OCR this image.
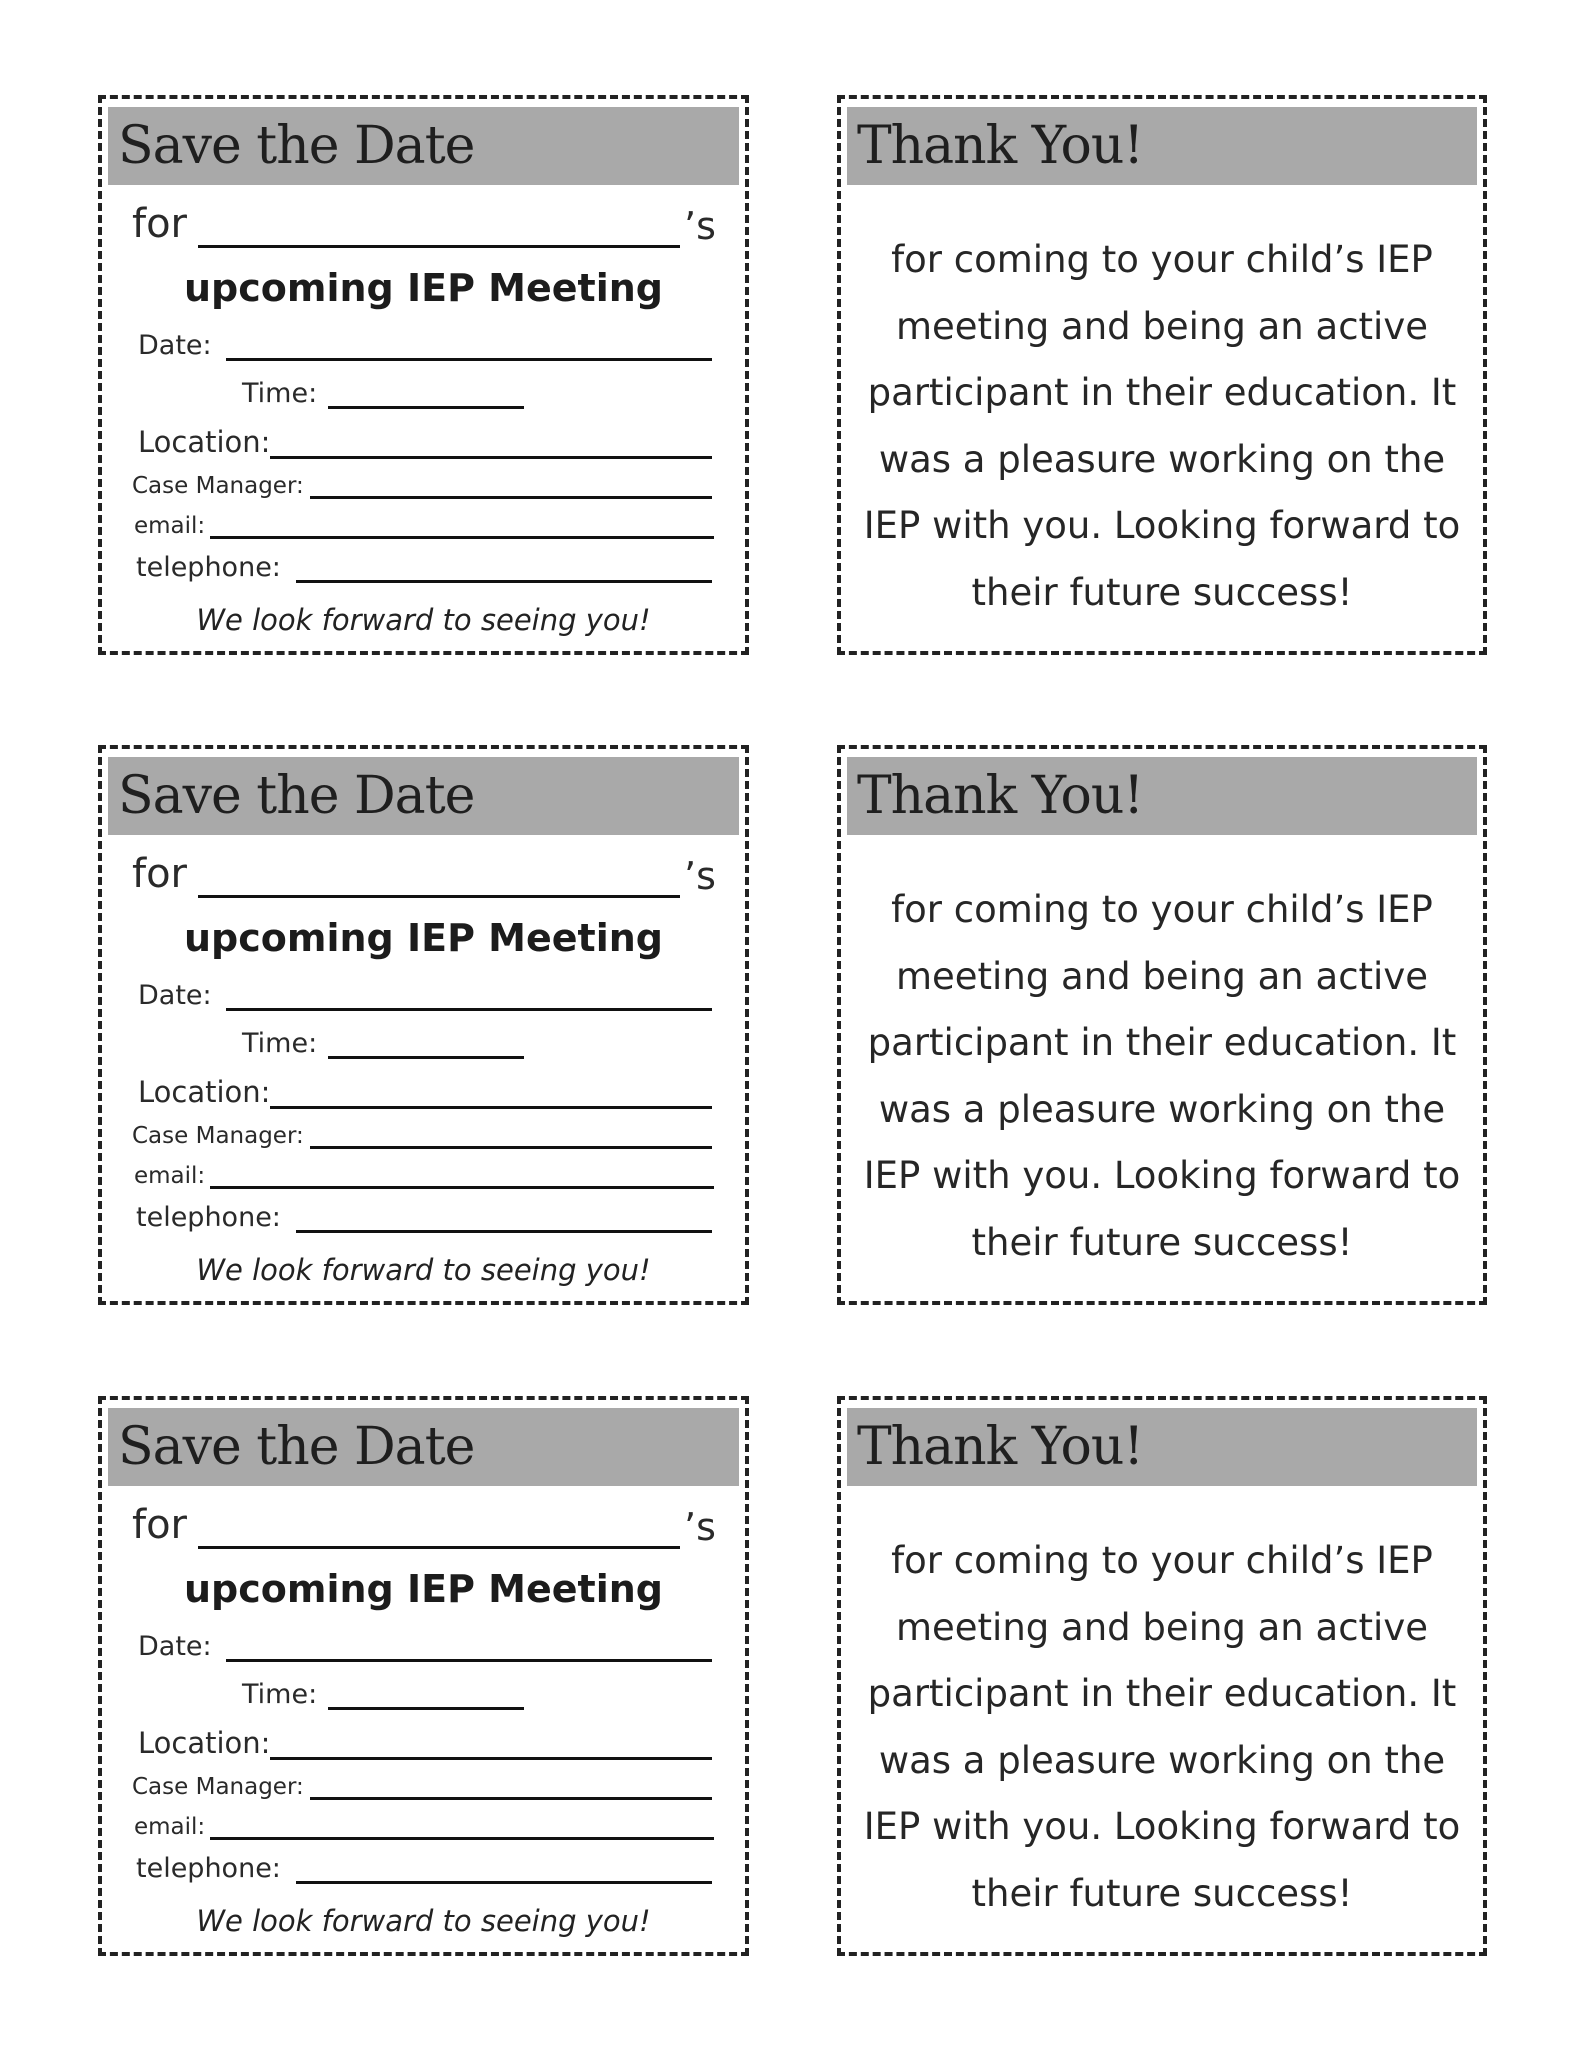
Save the Date
for	’s
upcoming IEP Meeting
Date:
Time:
Location:
Case Manager:
email:
telephone:
We look forward to seeing you!
Thank You!
for coming to your child’s IEP
meeting and being an active
participant in their education. It
was a pleasure working on the
IEP with you. Looking forward to
their future success!
Save the Date
for	’s
upcoming IEP Meeting
Date:
Time:
Location:
Case Manager:
email:
telephone:
We look forward to seeing you!
Thank You!
for coming to your child’s IEP
meeting and being an active
participant in their education. It
was a pleasure working on the
IEP with you. Looking forward to
their future success!
Save the Date
for	’s
upcoming IEP Meeting
Date:
Time:
Location:
Case Manager:
email:
telephone:
We look forward to seeing you!
Thank You!
for coming to your child’s IEP
meeting and being an active
participant in their education. It
was a pleasure working on the
IEP with you. Looking forward to
their future success!
